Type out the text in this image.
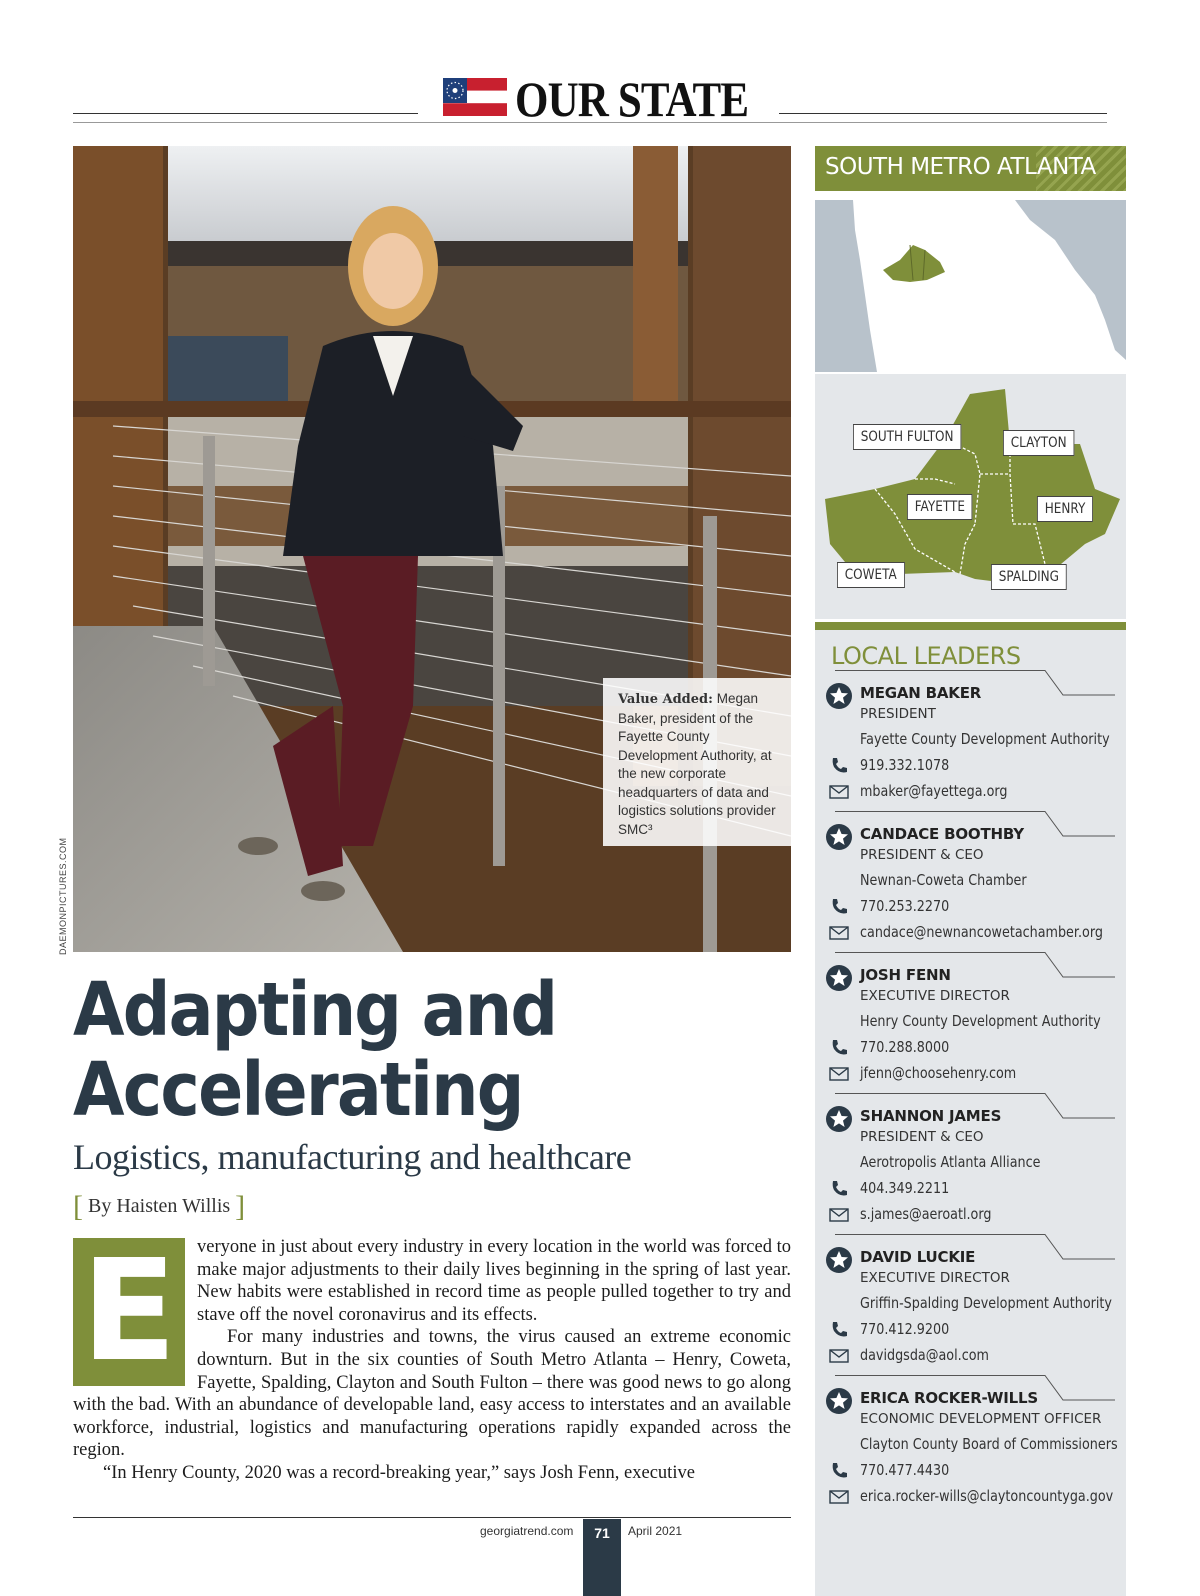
OUR STATE
DAEMONPICTURES.COM
Value Added: Megan Baker, president of the Fayette County Development Authority, at the new corporate headquarters of data and logistics solutions provider SMC³
Adapting and
Accelerating
Logistics, manufacturing and healthcare
[ By Haisten Willis ]
E	veryone in just about every industry in every location in the world was forced to make major adjustments to their daily lives beginning in the spring of last year. New habits were established in record time as people pulled together to try and stave off the novel coronavirus and its effects.

For many industries and towns, the virus caused an extreme economic downturn. But in the six counties of South Metro Atlanta – Henry, Coweta, Fayette, Spalding, Clayton and South Fulton – there was good news to go along with the bad. With an abundance of developable land, easy access to interstates and an available workforce, industrial, logistics and manufacturing operations rapidly expanded across the region.

“In Henry County, 2020 was a record-breaking year,” says Josh Fenn, executive

georgiatrend.com	71	April 2021
SOUTH METRO ATLANTA
SOUTH FULTON	CLAYTON
FAYETTE	HENRY
COWETA	SPALDING
LOCAL LEADERS
MEGAN BAKER
PRESIDENT
Fayette County Development Authority
919.332.1078
mbaker@fayettega.org
CANDACE BOOTHBY
PRESIDENT & CEO
Newnan-Coweta Chamber
770.253.2270
candace@newnancowetachamber.org
JOSH FENN
EXECUTIVE DIRECTOR
Henry County Development Authority
770.288.8000
jfenn@choosehenry.com
SHANNON JAMES
PRESIDENT & CEO
Aerotropolis Atlanta Alliance
404.349.2211
s.james@aeroatl.org
DAVID LUCKIE
EXECUTIVE DIRECTOR
Griffin-Spalding Development Authority
770.412.9200
davidgsda@aol.com
ERICA ROCKER-WILLS
ECONOMIC DEVELOPMENT OFFICER
Clayton County Board of Commissioners
770.477.4430
erica.rocker-wills@claytoncountyga.gov
